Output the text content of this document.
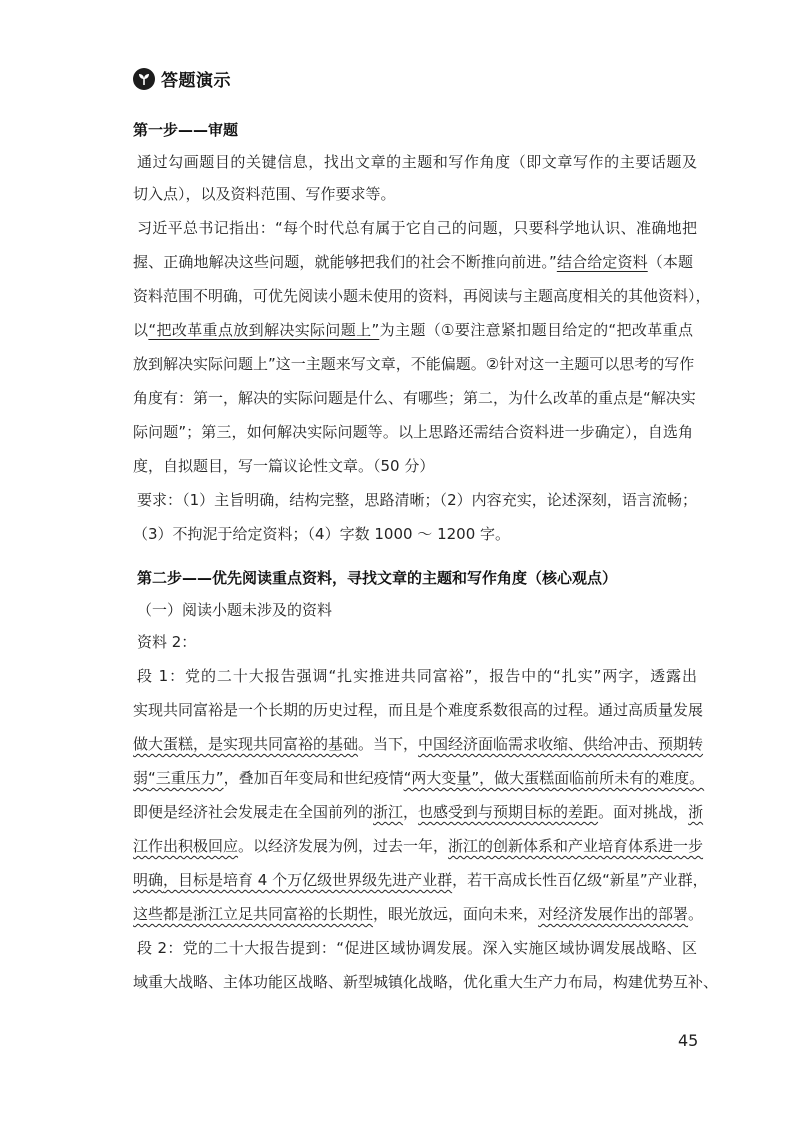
答题演示
第一步——审题
通过勾画题目的关键信息，找出文章的主题和写作角度（即文章写作的主要话题及
切入点），以及资料范围、写作要求等。
习近平总书记指出：“每个时代总有属于它自己的问题，只要科学地认识、准确地把
握、正确地解决这些问题，就能够把我们的社会不断推向前进。”结合给定资料（本题
资料范围不明确，可优先阅读小题未使用的资料，再阅读与主题高度相关的其他资料），
以“把改革重点放到解决实际问题上”为主题（①要注意紧扣题目给定的“把改革重点
放到解决实际问题上”这一主题来写文章，不能偏题。②针对这一主题可以思考的写作
角度有：第一，解决的实际问题是什么、有哪些；第二，为什么改革的重点是“解决实
际问题”；第三，如何解决实际问题等。以上思路还需结合资料进一步确定），自选角
度，自拟题目，写一篇议论性文章。（50 分）
要求：（1）主旨明确，结构完整，思路清晰；（2）内容充实，论述深刻，语言流畅；
（3）不拘泥于给定资料；（4）字数 1000 ～ 1200 字。
第二步——优先阅读重点资料，寻找文章的主题和写作角度（核心观点）
（一）阅读小题未涉及的资料
资料 2：
段 1：党的二十大报告强调“扎实推进共同富裕”，报告中的“扎实”两字，透露出
实现共同富裕是一个长期的历史过程，而且是个难度系数很高的过程。通过高质量发展
做大蛋糕，是实现共同富裕的基础。当下，中国经济面临需求收缩、供给冲击、预期转
弱“三重压力”，叠加百年变局和世纪疫情“两大变量”，做大蛋糕面临前所未有的难度。
即便是经济社会发展走在全国前列的浙江，也感受到与预期目标的差距。面对挑战，浙
江作出积极回应。以经济发展为例，过去一年，浙江的创新体系和产业培育体系进一步
明确，目标是培育 4 个万亿级世界级先进产业群，若干高成长性百亿级“新星”产业群，
这些都是浙江立足共同富裕的长期性，眼光放远，面向未来，对经济发展作出的部署。
段 2：党的二十大报告提到：“促进区域协调发展。深入实施区域协调发展战略、区
域重大战略、主体功能区战略、新型城镇化战略，优化重大生产力布局，构建优势互补、
45
